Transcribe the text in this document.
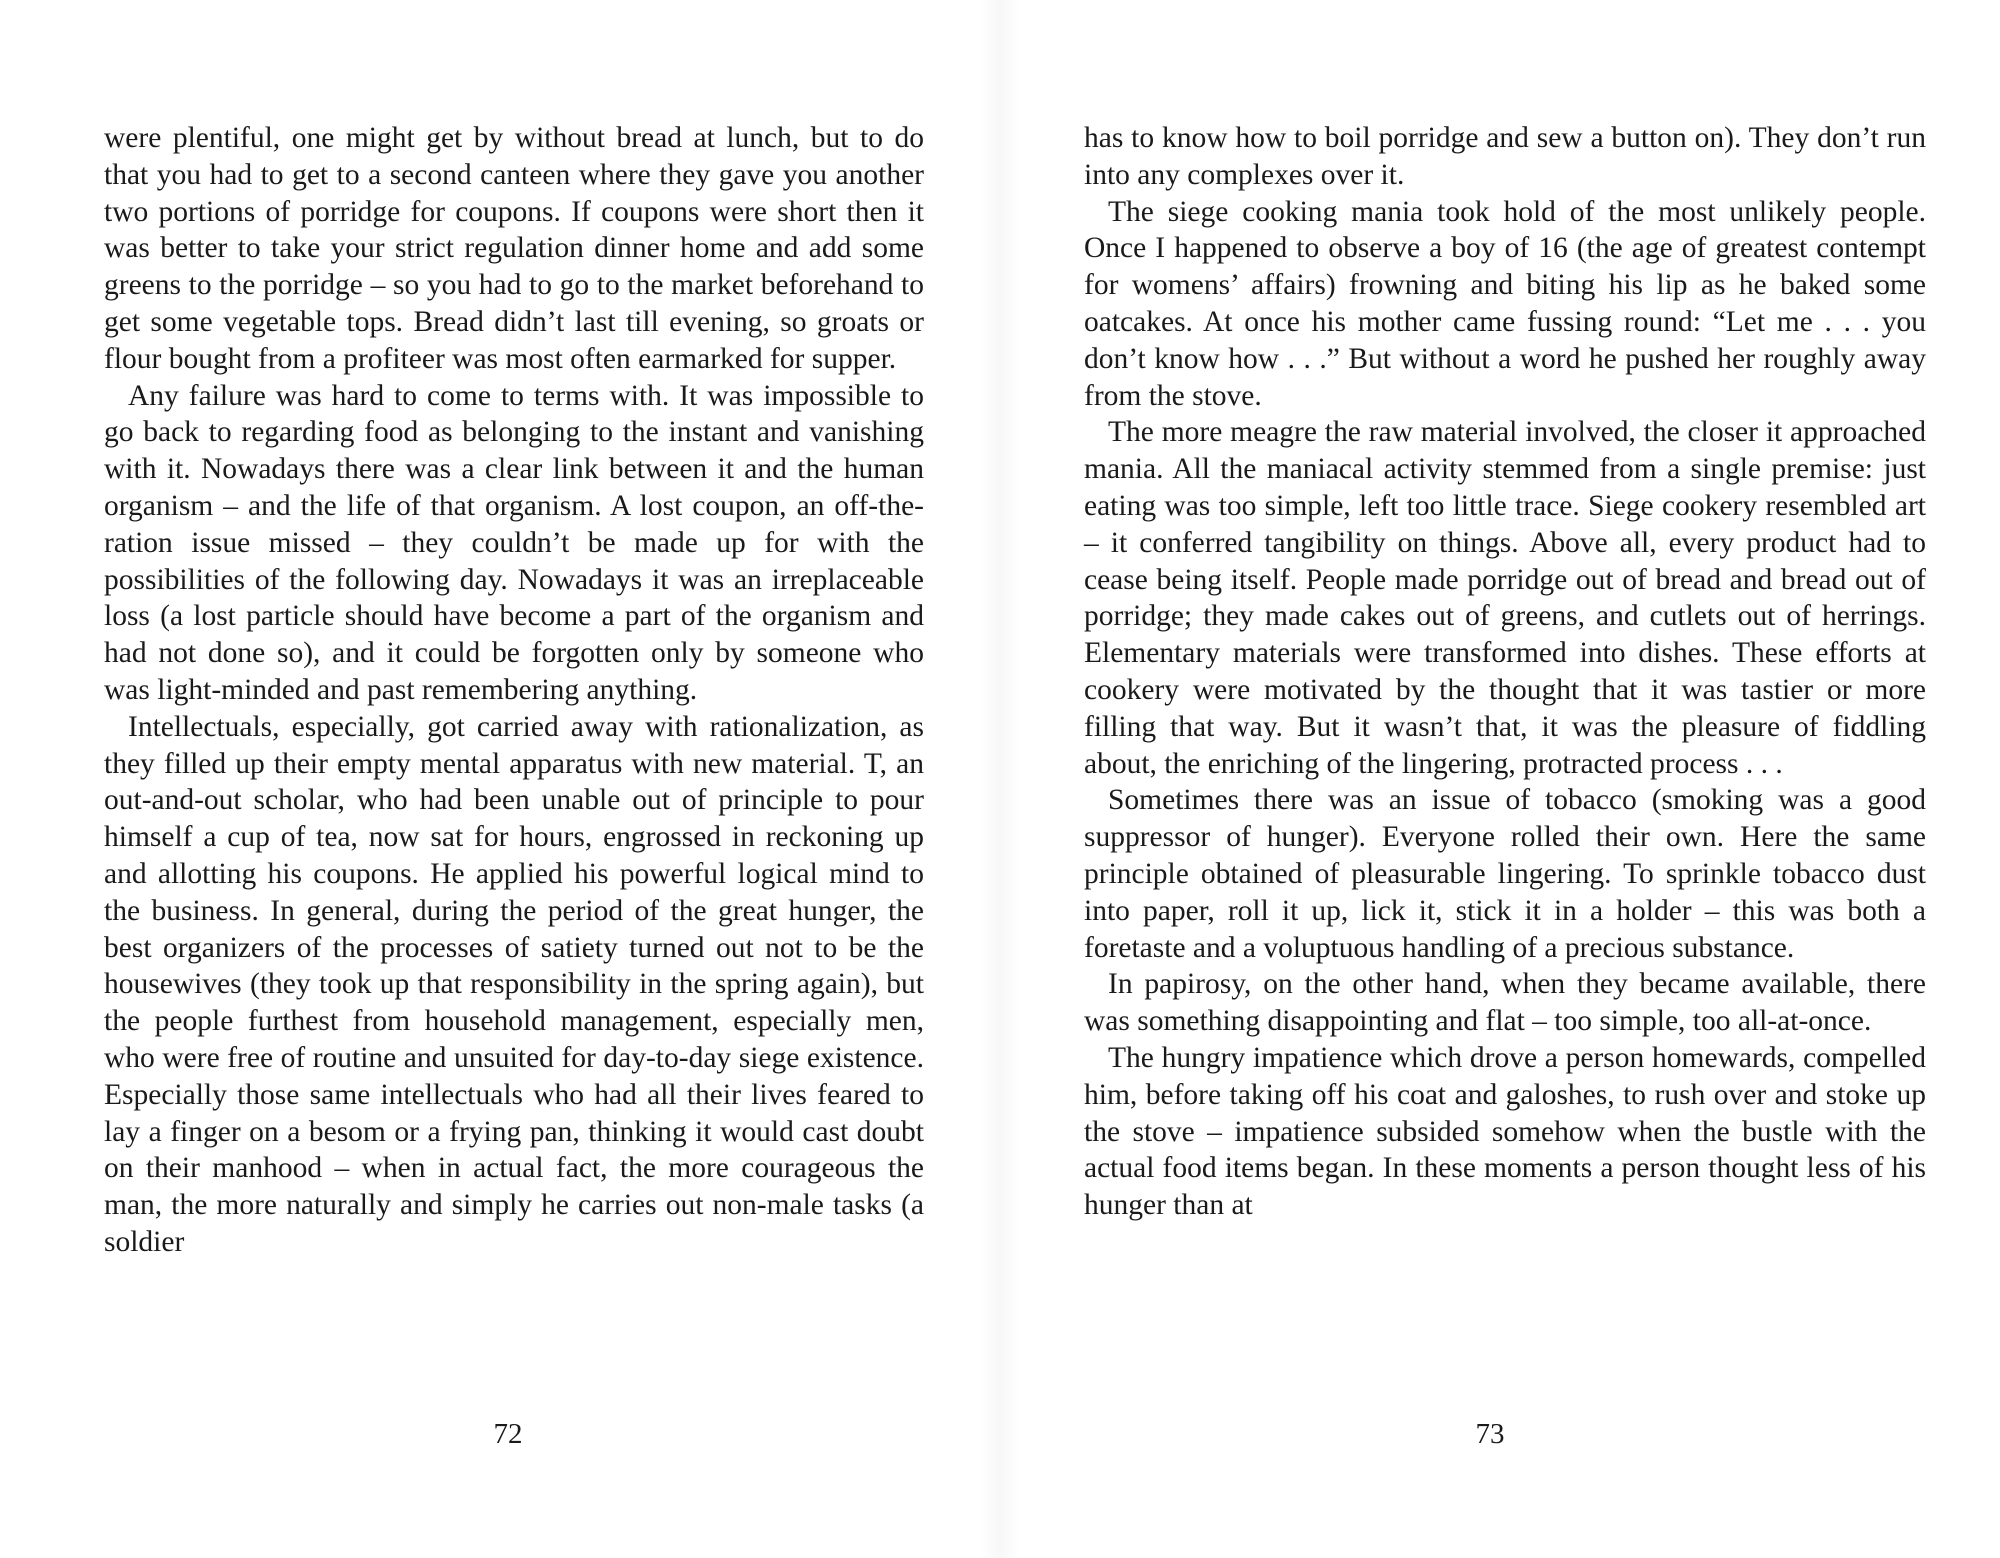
were plentiful, one might get by without bread at lunch, but to do that you had to get to a second canteen where they gave you another two portions of porridge for coupons. If coupons were short then it was better to take your strict regulation dinner home and add some greens to the porridge – so you had to go to the market beforehand to get some vegetable tops. Bread didn’t last till evening, so groats or flour bought from a profiteer was most often earmarked for supper.

Any failure was hard to come to terms with. It was impossible to go back to regarding food as belonging to the instant and vanishing with it. Nowadays there was a clear link between it and the human organism – and the life of that organism. A lost coupon, an off-the-ration issue missed – they couldn’t be made up for with the possibilities of the following day. Nowadays it was an irreplaceable loss (a lost particle should have become a part of the organism and had not done so), and it could be forgotten only by someone who was light-minded and past remembering anything.

Intellectuals, especially, got carried away with rationalization, as they filled up their empty mental apparatus with new material. T, an out-and-out scholar, who had been unable out of principle to pour himself a cup of tea, now sat for hours, engrossed in reckoning up and allotting his coupons. He applied his powerful logical mind to the business. In general, during the period of the great hunger, the best organizers of the processes of satiety turned out not to be the housewives (they took up that responsibility in the spring again), but the people furthest from household management, especially men, who were free of routine and unsuited for day-to-day siege existence. Especially those same intellectuals who had all their lives feared to lay a finger on a besom or a frying pan, thinking it would cast doubt on their manhood – when in actual fact, the more courageous the man, the more naturally and simply he carries out non-male tasks (a soldier

72

has to know how to boil porridge and sew a button on). They don’t run into any complexes over it.

The siege cooking mania took hold of the most unlikely people. Once I happened to observe a boy of 16 (the age of greatest contempt for womens’ affairs) frowning and biting his lip as he baked some oatcakes. At once his mother came fussing round: “Let me . . . you don’t know how . . .” But without a word he pushed her roughly away from the stove.

The more meagre the raw material involved, the closer it approached mania. All the maniacal activity stemmed from a single premise: just eating was too simple, left too little trace. Siege cookery resembled art – it conferred tangibility on things. Above all, every product had to cease being itself. People made porridge out of bread and bread out of porridge; they made cakes out of greens, and cutlets out of herrings. Elementary materials were transformed into dishes. These efforts at cookery were motivated by the thought that it was tastier or more filling that way. But it wasn’t that, it was the pleasure of fiddling about, the enriching of the lingering, protracted process . . .

Sometimes there was an issue of tobacco (smoking was a good suppressor of hunger). Everyone rolled their own. Here the same principle obtained of pleasurable lingering. To sprinkle tobacco dust into paper, roll it up, lick it, stick it in a holder – this was both a foretaste and a voluptuous handling of a precious substance.

In papirosy, on the other hand, when they became available, there was something disappointing and flat – too simple, too all-at-once.

The hungry impatience which drove a person homewards, compelled him, before taking off his coat and galoshes, to rush over and stoke up the stove – impatience subsided somehow when the bustle with the actual food items began. In these moments a person thought less of his hunger than at

73
